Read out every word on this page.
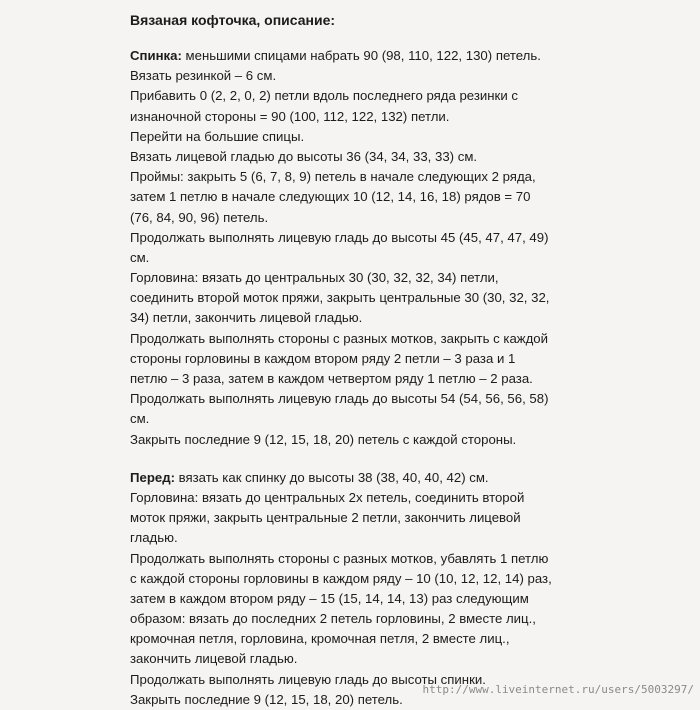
Вязаная кофточка, описание:
Спинка: меньшими спицами набрать 90 (98, 110, 122, 130) петель.
Вязать резинкой – 6 см.
Прибавить 0 (2, 2, 0, 2) петли вдоль последнего ряда резинки с
изнаночной стороны = 90 (100, 112, 122, 132) петли.
Перейти на большие спицы.
Вязать лицевой гладью до высоты 36 (34, 34, 33, 33) см.
Проймы: закрыть 5 (6, 7, 8, 9) петель в начале следующих 2 ряда,
затем 1 петлю в начале следующих 10 (12, 14, 16, 18) рядов = 70
(76, 84, 90, 96) петель.
Продолжать выполнять лицевую гладь до высоты 45 (45, 47, 47, 49)
см.
Горловина: вязать до центральных 30 (30, 32, 32, 34) петли,
соединить второй моток пряжи, закрыть центральные 30 (30, 32, 32,
34) петли, закончить лицевой гладью.
Продолжать выполнять стороны с разных мотков, закрыть с каждой
стороны горловины в каждом втором ряду 2 петли – 3 раза и 1
петлю – 3 раза, затем в каждом четвертом ряду 1 петлю – 2 раза.
Продолжать выполнять лицевую гладь до высоты 54 (54, 56, 56, 58)
см.
Закрыть последние 9 (12, 15, 18, 20) петель с каждой стороны.
Перед: вязать как спинку до высоты 38 (38, 40, 40, 42) см.
Горловина: вязать до центральных 2х петель, соединить второй
моток пряжи, закрыть центральные 2 петли, закончить лицевой
гладью.
Продолжать выполнять стороны с разных мотков, убавлять 1 петлю
с каждой стороны горловины в каждом ряду – 10 (10, 12, 12, 14) раз,
затем в каждом втором ряду – 15 (15, 14, 14, 13) раз следующим
образом: вязать до последних 2 петель горловины, 2 вместе лиц.,
кромочная петля, горловина, кромочная петля, 2 вместе лиц.,
закончить лицевой гладью.
Продолжать выполнять лицевую гладь до высоты спинки.
Закрыть последние 9 (12, 15, 18, 20) петель.
http://www.liveinternet.ru/users/5003297/
